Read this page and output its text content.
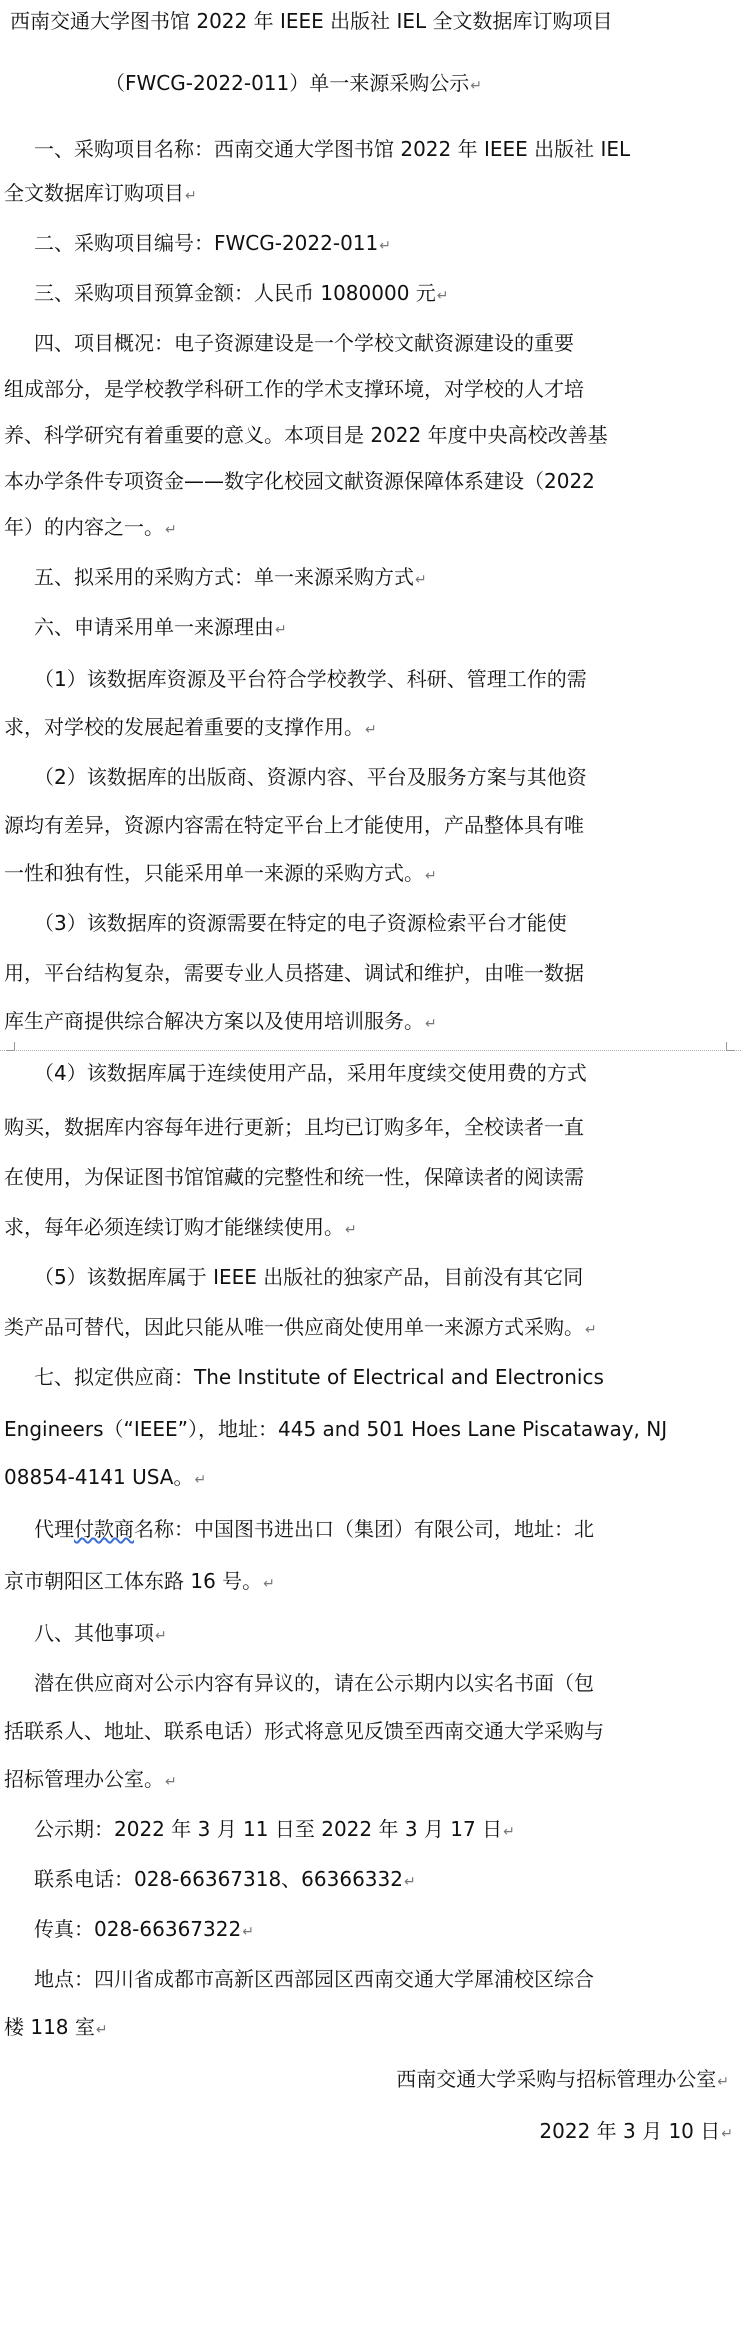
西南交通大学图书馆 2022 年 IEEE 出版社 IEL 全文数据库订购项目
（FWCG-2022-011）单一来源采购公示↵
一、采购项目名称：西南交通大学图书馆 2022 年 IEEE 出版社 IEL
全文数据库订购项目↵
二、采购项目编号：FWCG-2022-011↵
三、采购项目预算金额：人民币 1080000 元↵
四、项目概况：电子资源建设是一个学校文献资源建设的重要
组成部分，是学校教学科研工作的学术支撑环境，对学校的人才培
养、科学研究有着重要的意义。本项目是 2022 年度中央高校改善基
本办学条件专项资金——数字化校园文献资源保障体系建设（2022
年）的内容之一。↵
五、拟采用的采购方式：单一来源采购方式↵
六、申请采用单一来源理由↵
（1）该数据库资源及平台符合学校教学、科研、管理工作的需
求，对学校的发展起着重要的支撑作用。↵
（2）该数据库的出版商、资源内容、平台及服务方案与其他资
源均有差异，资源内容需在特定平台上才能使用，产品整体具有唯
一性和独有性，只能采用单一来源的采购方式。↵
（3）该数据库的资源需要在特定的电子资源检索平台才能使
用，平台结构复杂，需要专业人员搭建、调试和维护，由唯一数据
库生产商提供综合解决方案以及使用培训服务。↵
（4）该数据库属于连续使用产品，采用年度续交使用费的方式
购买，数据库内容每年进行更新；且均已订购多年，全校读者一直
在使用，为保证图书馆馆藏的完整性和统一性，保障读者的阅读需
求，每年必须连续订购才能继续使用。↵
（5）该数据库属于 IEEE 出版社的独家产品，目前没有其它同
类产品可替代，因此只能从唯一供应商处使用单一来源方式采购。↵
七、拟定供应商：The Institute of Electrical and Electronics
Engineers（“IEEE”），地址：445 and 501 Hoes Lane Piscataway, NJ
08854-4141 USA。↵
代理付款商名称：中国图书进出口（集团）有限公司，地址：北
京市朝阳区工体东路 16 号。↵
八、其他事项↵
潜在供应商对公示内容有异议的，请在公示期内以实名书面（包
括联系人、地址、联系电话）形式将意见反馈至西南交通大学采购与
招标管理办公室。↵
公示期：2022 年 3 月 11 日至 2022 年 3 月 17 日↵
联系电话：028-66367318、66366332↵
传真：028-66367322↵
地点：四川省成都市高新区西部园区西南交通大学犀浦校区综合
楼 118 室↵
西南交通大学采购与招标管理办公室↵
2022 年 3 月 10 日↵
